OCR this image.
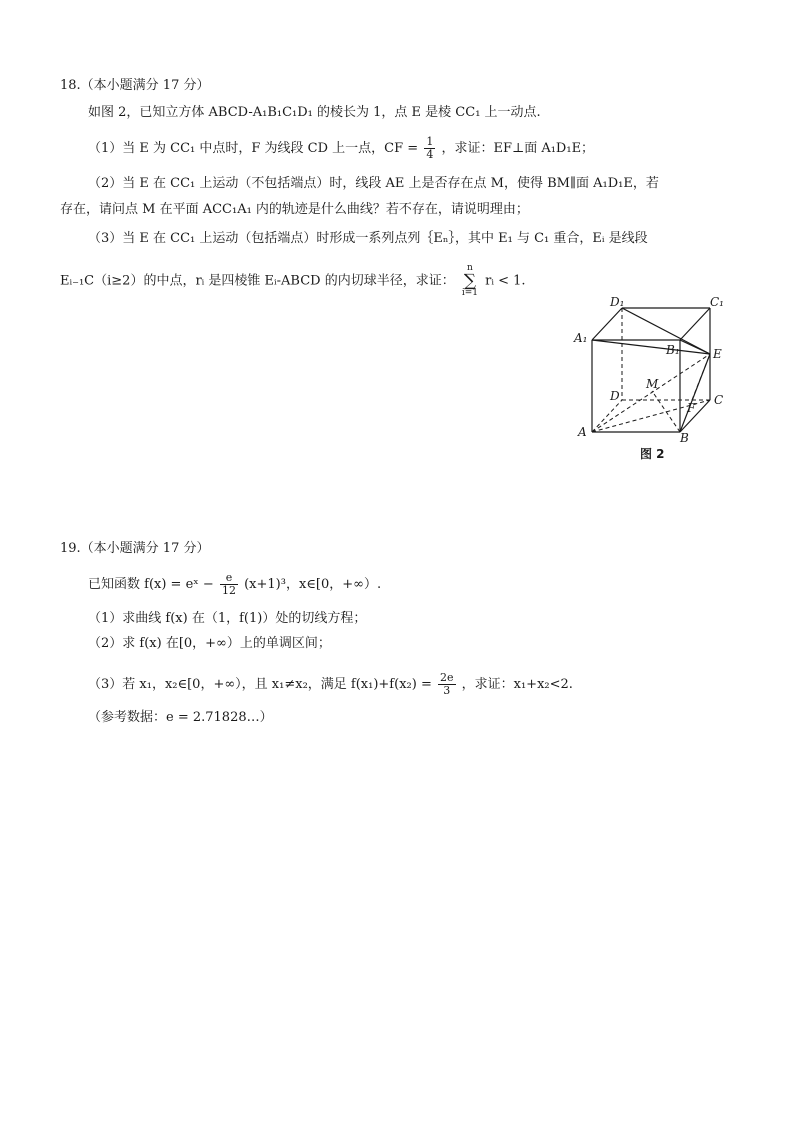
18.（本小题满分 17 分）
如图 2，已知立方体 ABCD-A₁B₁C₁D₁ 的棱长为 1，点 E 是棱 CC₁ 上一动点.
（1）当 E 为 CC₁ 中点时，F 为线段 CD 上一点，CF = $\frac{1}{4}$ ，求证：EF⊥面 A₁D₁E；
（2）当 E 在 CC₁ 上运动（不包括端点）时，线段 AE 上是否存在点 M，使得 BM∥面 A₁D₁E，若
存在，请问点 M 在平面 ACC₁A₁ 内的轨迹是什么曲线？若不存在，请说明理由；
（3）当 E 在 CC₁ 上运动（包括端点）时形成一系列点列｛Eₙ｝，其中 E₁ 与 C₁ 重合，Eᵢ 是线段
Eᵢ₋₁C（i≥2）的中点，rᵢ 是四棱锥 Eᵢ-ABCD 的内切球半径，求证： n
∑
i=1 rᵢ < 1.
D₁	C₁
A₁
B₁	E
M
D
F
C
A	B
图 2
19.（本小题满分 17 分）
已知函数 f(x) = eˣ − $\frac{e}{12} (x+1)^3$，x∈[0，+∞）.
（1）求曲线 f(x) 在（1，f(1)）处的切线方程；
（2）求 f(x) 在[0，+∞）上的单调区间；
（3）若 x₁，x₂∈[0，+∞），且 x₁≠x₂，满足 $f(x_1)+f(x_2) = \frac{2e}{3}$ ，求证：x₁+x₂<2.
（参考数据：e = 2.71828…）
